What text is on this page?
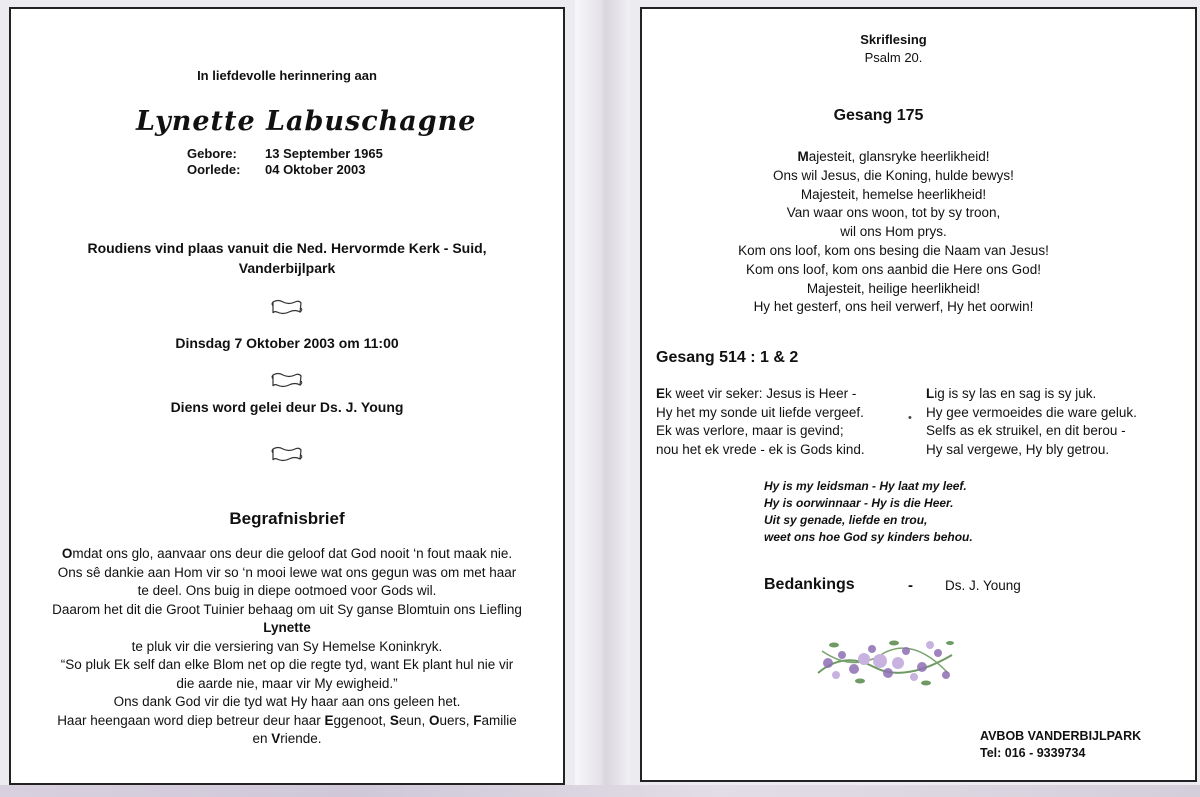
In liefdevolle herinnering aan
Lynette Labuschagne
Gebore:	13 September 1965
Oorlede:	04 Oktober 2003
Roudiens vind plaas vanuit die Ned. Hervormde Kerk - Suid,
Vanderbijlpark
Dinsdag 7 Oktober 2003 om 11:00
Diens word gelei deur Ds. J. Young
Begrafnisbrief

Omdat ons glo, aanvaar ons deur die geloof dat God nooit ‘n fout maak nie.

Ons sê dankie aan Hom vir so ‘n mooi lewe wat ons gegun was om met haar

te deel. Ons buig in diepe ootmoed voor Gods wil.

Daarom het dit die Groot Tuinier behaag om uit Sy ganse Blomtuin ons Liefling

Lynette

te pluk vir die versiering van Sy Hemelse Koninkryk.

“So pluk Ek self dan elke Blom net op die regte tyd, want Ek plant hul nie vir

die aarde nie, maar vir My ewigheid.”

Ons dank God vir die tyd wat Hy haar aan ons geleen het.

Haar heengaan word diep betreur deur haar Eggenoot, Seun, Ouers, Familie

en Vriende.

Skriflesing
Psalm 20.
Gesang 175

Majesteit, glansryke heerlikheid!

Ons wil Jesus, die Koning, hulde bewys!

Majesteit, hemelse heerlikheid!

Van waar ons woon, tot by sy troon,

wil ons Hom prys.

Kom ons loof, kom ons besing die Naam van Jesus!

Kom ons loof, kom ons aanbid die Here ons God!

Majesteit, heilige heerlikheid!

Hy het gesterf, ons heil verwerf, Hy het oorwin!

Gesang 514 : 1 & 2

Ek weet vir seker: Jesus is Heer -

Hy het my sonde uit liefde vergeef.

Ek was verlore, maar is gevind;

nou het ek vrede - ek is Gods kind.

•

Lig is sy las en sag is sy juk.

Hy gee vermoeides die ware geluk.

Selfs as ek struikel, en dit berou -

Hy sal vergewe, Hy bly getrou.

Hy is my leidsman - Hy laat my leef.

Hy is oorwinnaar - Hy is die Heer.

Uit sy genade, liefde en trou,

weet ons hoe God sy kinders behou.

Bedankings	- Ds. J. Young
AVBOB VANDERBIJLPARK
Tel: 016 - 9339734
